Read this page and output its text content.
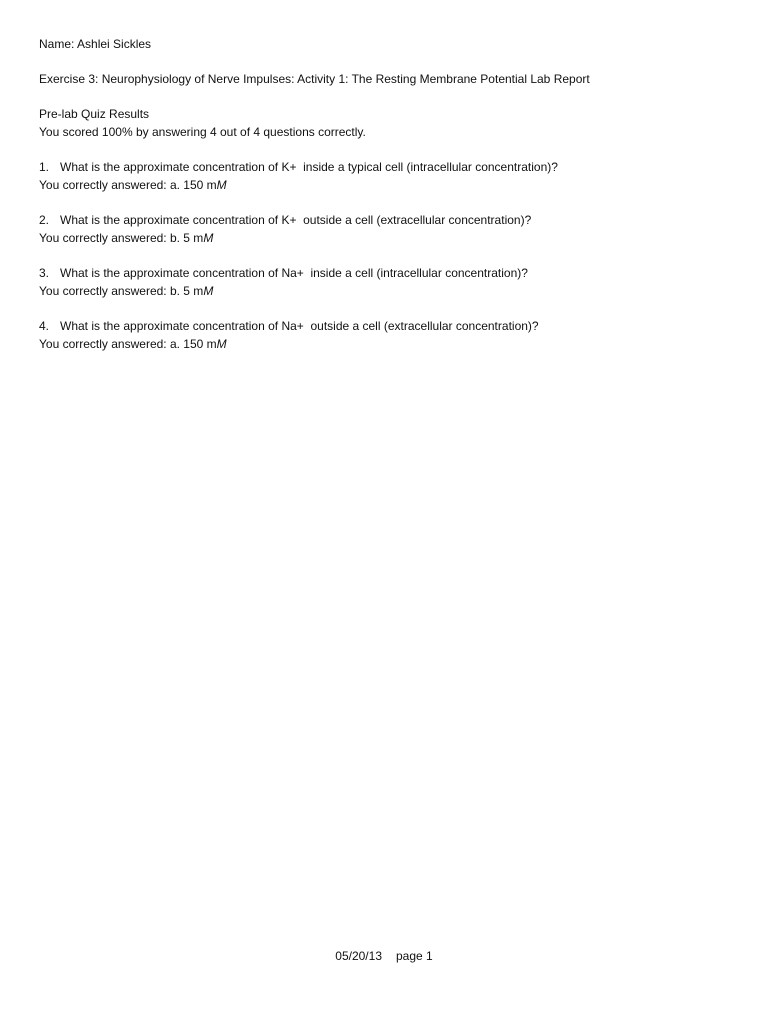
Name: Ashlei Sickles
Exercise 3: Neurophysiology of Nerve Impulses: Activity 1: The Resting Membrane Potential Lab Report
Pre-lab Quiz Results
You scored 100% by answering 4 out of 4 questions correctly.
1. What is the approximate concentration of K+  inside a typical cell (intracellular concentration)?
You correctly answered: a. 150 mM
2. What is the approximate concentration of K+  outside a cell (extracellular concentration)?
You correctly answered: b. 5 mM
3. What is the approximate concentration of Na+  inside a cell (intracellular concentration)?
You correctly answered: b. 5 mM
4. What is the approximate concentration of Na+  outside a cell (extracellular concentration)?
You correctly answered: a. 150 mM
05/20/13 page 1
